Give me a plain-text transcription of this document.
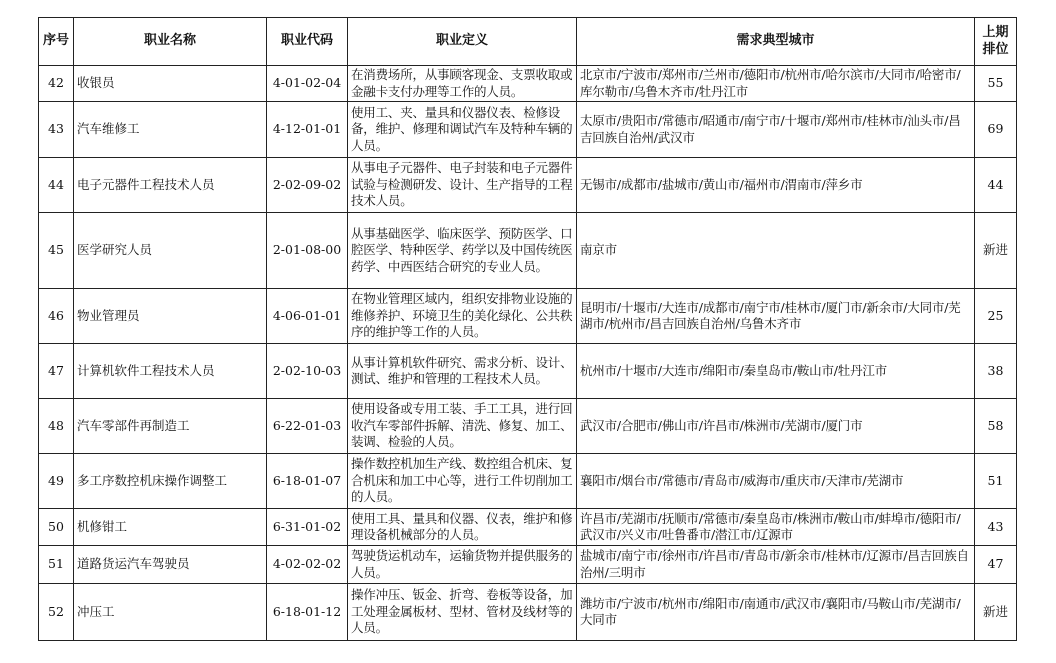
序号	职业名称	职业代码	职业定义	需求典型城市	上期排位
42	收银员	4-01-02-04	在消费场所，从事顾客现金、支票收取或金融卡支付办理等工作的人员。	北京市/宁波市/郑州市/兰州市/德阳市/杭州市/哈尔滨市/大同市/哈密市/库尔勒市/乌鲁木齐市/牡丹江市	55
43	汽车维修工	4-12-01-01	使用工、夹、量具和仪器仪表、检修设备，维护、修理和调试汽车及特种车辆的人员。	太原市/贵阳市/常德市/昭通市/南宁市/十堰市/郑州市/桂林市/汕头市/昌吉回族自治州/武汉市	69
44	电子元器件工程技术人员	2-02-09-02	从事电子元器件、电子封装和电子元器件试验与检测研发、设计、生产指导的工程技术人员。	无锡市/成都市/盐城市/黄山市/福州市/渭南市/萍乡市	44
45	医学研究人员	2-01-08-00	从事基础医学、临床医学、预防医学、口腔医学、特种医学、药学以及中国传统医药学、中西医结合研究的专业人员。	南京市	新进
46	物业管理员	4-06-01-01	在物业管理区域内，组织安排物业设施的维修养护、环境卫生的美化绿化、公共秩序的维护等工作的人员。	昆明市/十堰市/大连市/成都市/南宁市/桂林市/厦门市/新余市/大同市/芜湖市/杭州市/昌吉回族自治州/乌鲁木齐市	25
47	计算机软件工程技术人员	2-02-10-03	从事计算机软件研究、需求分析、设计、测试、维护和管理的工程技术人员。	杭州市/十堰市/大连市/绵阳市/秦皇岛市/鞍山市/牡丹江市	38
48	汽车零部件再制造工	6-22-01-03	使用设备或专用工装、手工工具，进行回收汽车零部件拆解、清洗、修复、加工、装调、检验的人员。	武汉市/合肥市/佛山市/许昌市/株洲市/芜湖市/厦门市	58
49	多工序数控机床操作调整工	6-18-01-07	操作数控机加生产线、数控组合机床、复合机床和加工中心等，进行工件切削加工的人员。	襄阳市/烟台市/常德市/青岛市/威海市/重庆市/天津市/芜湖市	51
50	机修钳工	6-31-01-02	使用工具、量具和仪器、仪表，维护和修理设备机械部分的人员。	许昌市/芜湖市/抚顺市/常德市/秦皇岛市/株洲市/鞍山市/蚌埠市/德阳市/武汉市/兴义市/吐鲁番市/潜江市/辽源市	43
51	道路货运汽车驾驶员	4-02-02-02	驾驶货运机动车，运输货物并提供服务的人员。	盐城市/南宁市/徐州市/许昌市/青岛市/新余市/桂林市/辽源市/昌吉回族自治州/三明市	47
52	冲压工	6-18-01-12	操作冲压、钣金、折弯、卷板等设备，加工处理金属板材、型材、管材及线材等的人员。	潍坊市/宁波市/杭州市/绵阳市/南通市/武汉市/襄阳市/马鞍山市/芜湖市/大同市	新进
